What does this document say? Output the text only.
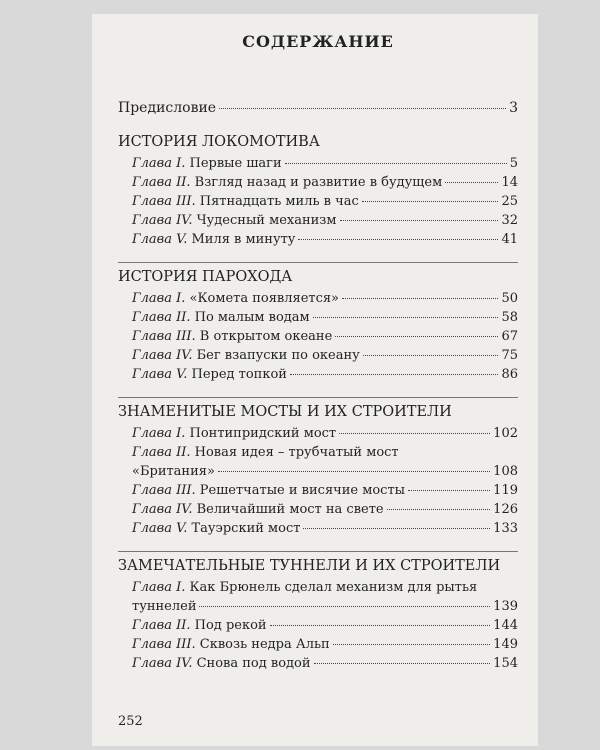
СОДЕРЖАНИЕ
Предисловие	3
ИСТОРИЯ ЛОКОМОТИВА
Глава I. Первые шаги	5
Глава II. Взгляд назад и развитие в будущем	14
Глава III. Пятнадцать миль в час	25
Глава IV. Чудесный механизм	32
Глава V. Миля в минуту	41
ИСТОРИЯ ПАРОХОДА
Глава I. «Комета появляется»	50
Глава II. По малым водам	58
Глава III. В открытом океане	67
Глава IV. Бег взапуски по океану	75
Глава V. Перед топкой	86
ЗНАМЕНИТЫЕ МОСТЫ И ИХ СТРОИТЕЛИ
Глава I. Понтипридский мост	102
Глава II. Новая идея – трубчатый мост
«Британия»	108
Глава III. Решетчатые и висячие мосты	119
Глава IV. Величайший мост на свете	126
Глава V. Тауэрский мост	133
ЗАМЕЧАТЕЛЬНЫЕ ТУННЕЛИ И ИХ СТРОИТЕЛИ
Глава I. Как Брюнель сделал механизм для рытья
туннелей	139
Глава II. Под рекой	144
Глава III. Сквозь недра Альп	149
Глава IV. Снова под водой	154
252
